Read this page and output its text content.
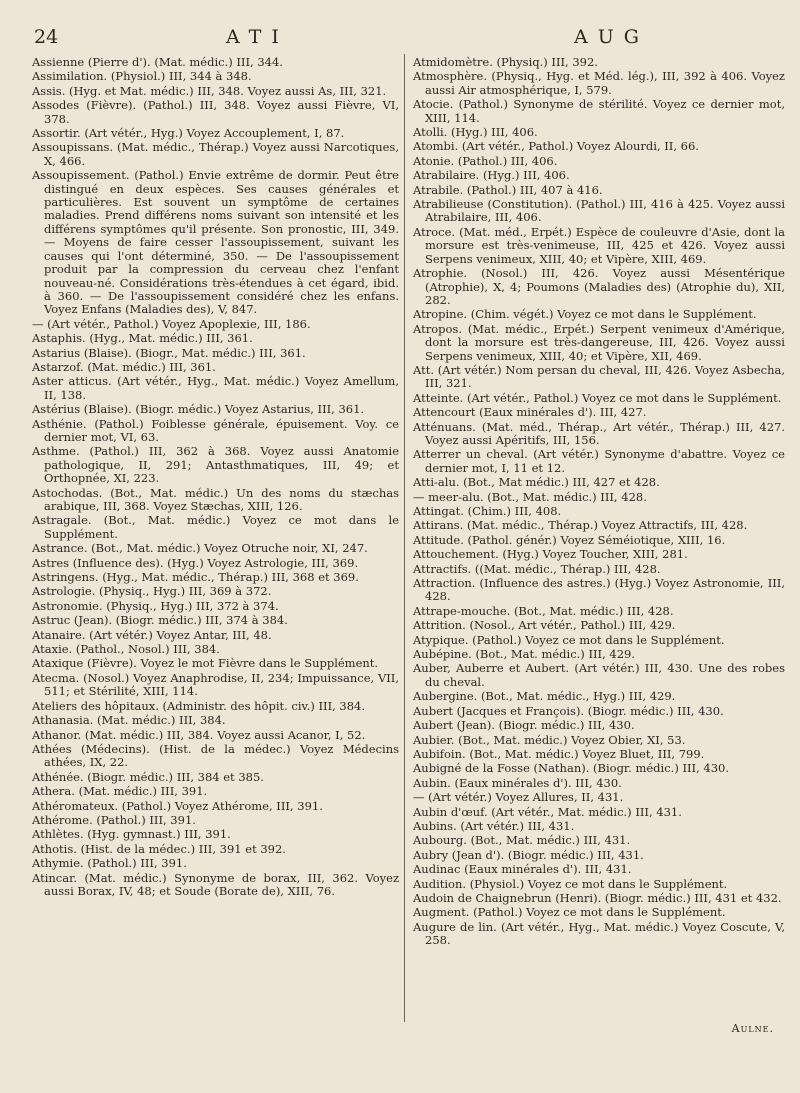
24	ATI	AUG

Assienne (Pierre d'). (Mat. médic.) III, 344.

Assimilation. (Physiol.) III, 344 à 348.

Assis. (Hyg. et Mat. médic.) III, 348. Voyez aussi As, III, 321.

Assodes (Fièvre). (Pathol.) III, 348. Voyez aussi Fièvre, VI, 378.

Assortir. (Art vétér., Hyg.) Voyez Accouplement, I, 87.

Assoupissans. (Mat. médic., Thérap.) Voyez aussi Narcotiques, X, 466.

Assoupissement. (Pathol.) Envie extrême de dormir. Peut être distingué en deux espèces. Ses causes générales et particulières. Est souvent un symptôme de certaines maladies. Prend différens noms suivant son intensité et les différens symptômes qu'il présente. Son pronostic, III, 349. — Moyens de faire cesser l'assoupissement, suivant les causes qui l'ont déterminé, 350. — De l'assoupissement produit par la compression du cerveau chez l'enfant nouveau-né. Considérations très-étendues à cet égard, ibid. à 360. — De l'assoupissement considéré chez les enfans. Voyez Enfans (Maladies des), V, 847.

— (Art vétér., Pathol.) Voyez Apoplexie, III, 186.

Astaphis. (Hyg., Mat. médic.) III, 361.

Astarius (Blaise). (Biogr., Mat. médic.) III, 361.

Astarzof. (Mat. médic.) III, 361.

Aster atticus. (Art vétér., Hyg., Mat. médic.) Voyez Amellum, II, 138.

Astérius (Blaise). (Biogr. médic.) Voyez Astarius, III, 361.

Asthénie. (Pathol.) Foiblesse générale, épuisement. Voy. ce dernier mot, VI, 63.

Asthme. (Pathol.) III, 362 à 368. Voyez aussi Anatomie pathologique, II, 291; Antasthmatiques, III, 49; et Orthopnée, XI, 223.

Astochodas. (Bot., Mat. médic.) Un des noms du stæchas arabique, III, 368. Voyez Stæchas, XIII, 126.

Astragale. (Bot., Mat. médic.) Voyez ce mot dans le Supplément.

Astrance. (Bot., Mat. médic.) Voyez Otruche noir, XI, 247.

Astres (Influence des). (Hyg.) Voyez Astrologie, III, 369.

Astringens. (Hyg., Mat. médic., Thérap.) III, 368 et 369.

Astrologie. (Physiq., Hyg.) III, 369 à 372.

Astronomie. (Physiq., Hyg.) III, 372 à 374.

Astruc (Jean). (Biogr. médic.) III, 374 à 384.

Atanaire. (Art vétér.) Voyez Antar, III, 48.

Ataxie. (Pathol., Nosol.) III, 384.

Ataxique (Fièvre). Voyez le mot Fièvre dans le Supplément.

Atecma. (Nosol.) Voyez Anaphrodise, II, 234; Impuissance, VII, 511; et Stérilité, XIII, 114.

Ateliers des hôpitaux. (Administr. des hôpit. civ.) III, 384.

Athanasia. (Mat. médic.) III, 384.

Athanor. (Mat. médic.) III, 384. Voyez aussi Acanor, I, 52.

Athées (Médecins). (Hist. de la médec.) Voyez Médecins athées, IX, 22.

Athénée. (Biogr. médic.) III, 384 et 385.

Athera. (Mat. médic.) III, 391.

Athéromateux. (Pathol.) Voyez Athérome, III, 391.

Athérome. (Pathol.) III, 391.

Athlètes. (Hyg. gymnast.) III, 391.

Athotis. (Hist. de la médec.) III, 391 et 392.

Athymie. (Pathol.) III, 391.

Atincar. (Mat. médic.) Synonyme de borax, III, 362. Voyez aussi Borax, IV, 48; et Soude (Borate de), XIII, 76.

Atmidomètre. (Physiq.) III, 392.

Atmosphère. (Physiq., Hyg. et Méd. lég.), III, 392 à 406. Voyez aussi Air atmosphérique, I, 579.

Atocie. (Pathol.) Synonyme de stérilité. Voyez ce dernier mot, XIII, 114.

Atolli. (Hyg.) III, 406.

Atombi. (Art vétér., Pathol.) Voyez Alourdi, II, 66.

Atonie. (Pathol.) III, 406.

Atrabilaire. (Hyg.) III, 406.

Atrabile. (Pathol.) III, 407 à 416.

Atrabilieuse (Constitution). (Pathol.) III, 416 à 425. Voyez aussi Atrabilaire, III, 406.

Atroce. (Mat. méd., Erpét.) Espèce de couleuvre d'Asie, dont la morsure est très-venimeuse, III, 425 et 426. Voyez aussi Serpens venimeux, XIII, 40; et Vipère, XIII, 469.

Atrophie. (Nosol.) III, 426. Voyez aussi Mésentérique (Atrophie), X, 4; Poumons (Maladies des) (Atrophie du), XII, 282.

Atropine. (Chim. végét.) Voyez ce mot dans le Supplément.

Atropos. (Mat. médic., Erpét.) Serpent venimeux d'Amérique, dont la morsure est très-dangereuse, III, 426. Voyez aussi Serpens venimeux, XIII, 40; et Vipère, XII, 469.

Att. (Art vétér.) Nom persan du cheval, III, 426. Voyez Asbecha, III, 321.

Atteinte. (Art vétér., Pathol.) Voyez ce mot dans le Supplément.

Attencourt (Eaux minérales d'). III, 427.

Atténuans. (Mat. méd., Thérap., Art vétér., Thérap.) III, 427. Voyez aussi Apéritifs, III, 156.

Atterrer un cheval. (Art vétér.) Synonyme d'abattre. Voyez ce dernier mot, I, 11 et 12.

Atti-alu. (Bot., Mat médic.) III, 427 et 428.

— meer-alu. (Bot., Mat. médic.) III, 428.

Attingat. (Chim.) III, 408.

Attirans. (Mat. médic., Thérap.) Voyez Attractifs, III, 428.

Attitude. (Pathol. génér.) Voyez Séméiotique, XIII, 16.

Attouchement. (Hyg.) Voyez Toucher, XIII, 281.

Attractifs. ((Mat. médic., Thérap.) III, 428.

Attraction. (Influence des astres.) (Hyg.) Voyez Astronomie, III, 428.

Attrape-mouche. (Bot., Mat. médic.) III, 428.

Attrition. (Nosol., Art vétér., Pathol.) III, 429.

Atypique. (Pathol.) Voyez ce mot dans le Supplément.

Aubépine. (Bot., Mat. médic.) III, 429.

Auber, Auberre et Aubert. (Art vétér.) III, 430. Une des robes du cheval.

Aubergine. (Bot., Mat. médic., Hyg.) III, 429.

Aubert (Jacques et François). (Biogr. médic.) III, 430.

Aubert (Jean). (Biogr. médic.) III, 430.

Aubier. (Bot., Mat. médic.) Voyez Obier, XI, 53.

Aubifoin. (Bot., Mat. médic.) Voyez Bluet, III, 799.

Aubigné de la Fosse (Nathan). (Biogr. médic.) III, 430.

Aubin. (Eaux minérales d'). III, 430.

— (Art vétér.) Voyez Allures, II, 431.

Aubin d'œuf. (Art vétér., Mat. médic.) III, 431.

Aubins. (Art vétér.) III, 431.

Aubourg. (Bot., Mat. médic.) III, 431.

Aubry (Jean d'). (Biogr. médic.) III, 431.

Audinac (Eaux minérales d'). III, 431.

Audition. (Physiol.) Voyez ce mot dans le Supplément.

Audoin de Chaignebrun (Henri). (Biogr. médic.) III, 431 et 432.

Augment. (Pathol.) Voyez ce mot dans le Supplément.

Augure de lin. (Art vétér., Hyg., Mat. médic.) Voyez Coscute, V, 258.

Aulne.
